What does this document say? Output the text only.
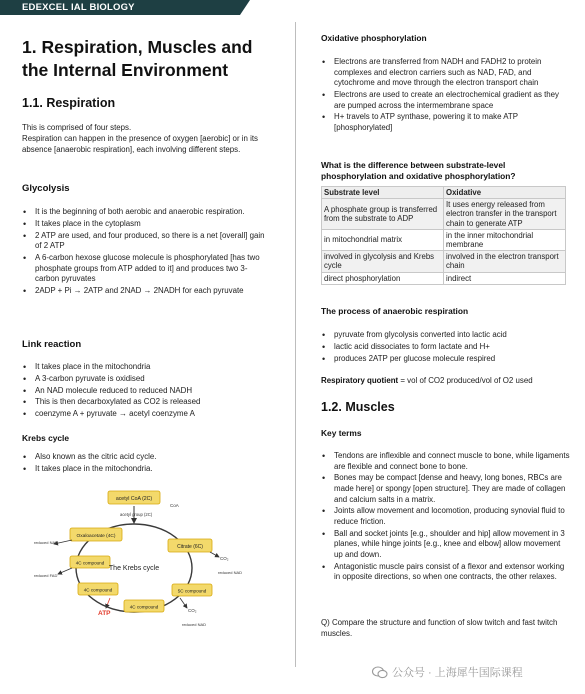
EDEXCEL IAL BIOLOGY
1. Respiration, Muscles and
the Internal Environment
1.1. Respiration
This is comprised of four steps.
Respiration can happen in the presence of oxygen [aerobic] or in its absence [anaerobic respiration], each involving different steps.
Glycolysis
• It is the beginning of both aerobic and anaerobic respiration.
• It takes place in the cytoplasm
• 2 ATP are used, and four produced, so there is a net [overall] gain of 2 ATP
• A 6-carbon hexose glucose molecule is phosphorylated [has two phosphate groups from ATP added to it] and produces two 3-carbon pyruvates
• 2ADP + Pi → 2ATP and 2NAD → 2NADH for each pyruvate
Link reaction
• It takes place in the mitochondria
• A 3-carbon pyruvate is oxidised
• An NAD molecule reduced to reduced NADH
• This is then decarboxylated as CO2 is released
• coenzyme A + pyruvate → acetyl coenzyme A
Krebs cycle
• Also known as the citric acid cycle.
• It takes place in the mitochondria.
acetyl CoA (2C)
CoA
acetyl group (2C)
Oxaloacetate (4C)
Citrate (6C)
4C compound
4C compound
4C compound
5C compound
The Krebs cycle
CO₂
reduced NAD
CO₂
reduced NAD
reduced NAD
reduced FAD
ATP
Oxidative phosphorylation
• Electrons are transferred from NADH and FADH2 to protein complexes and electron carriers such as NAD, FAD, and cytochrome and move through the electron transport chain
• Electrons are used to create an electrochemical gradient as they are pumped across the intermembrane space
• H+ travels to ATP synthase, powering it to make ATP [phosphorylated]
What is the difference between substrate-level phosphorylation and oxidative phosphorylation?
Substrate level	Oxidative
A phosphate group is transferred from the substrate to ADP	It uses energy released from electron transfer in the transport chain to generate ATP
in mitochondrial matrix	in the inner mitochondrial membrane
involved in glycolysis and Krebs cycle	involved in the electron transport chain
direct phosphorylation	indirect
The process of anaerobic respiration
• pyruvate from glycolysis converted into lactic acid
• lactic acid dissociates to form lactate and H+
• produces 2ATP per glucose molecule respired
Respiratory quotient = vol of CO2 produced/vol of O2 used
1.2. Muscles
Key terms
• Tendons are inflexible and connect muscle to bone, while ligaments are flexible and connect bone to bone.
• Bones may be compact [dense and heavy, long bones, RBCs are made here] or spongy [open structure]. They are made of collagen and calcium salts in a matrix.
• Joints allow movement and locomotion, producing synovial fluid to reduce friction.
• Ball and socket joints [e.g., shoulder and hip] allow movement in 3 planes, while hinge joints [e.g., knee and elbow] allow movement up and down.
• Antagonistic muscle pairs consist of a flexor and extensor working in opposite directions, so when one contracts, the other relaxes.
Q) Compare the structure and function of slow twitch and fast twitch muscles.
公众号 · 上海犀牛国际课程
